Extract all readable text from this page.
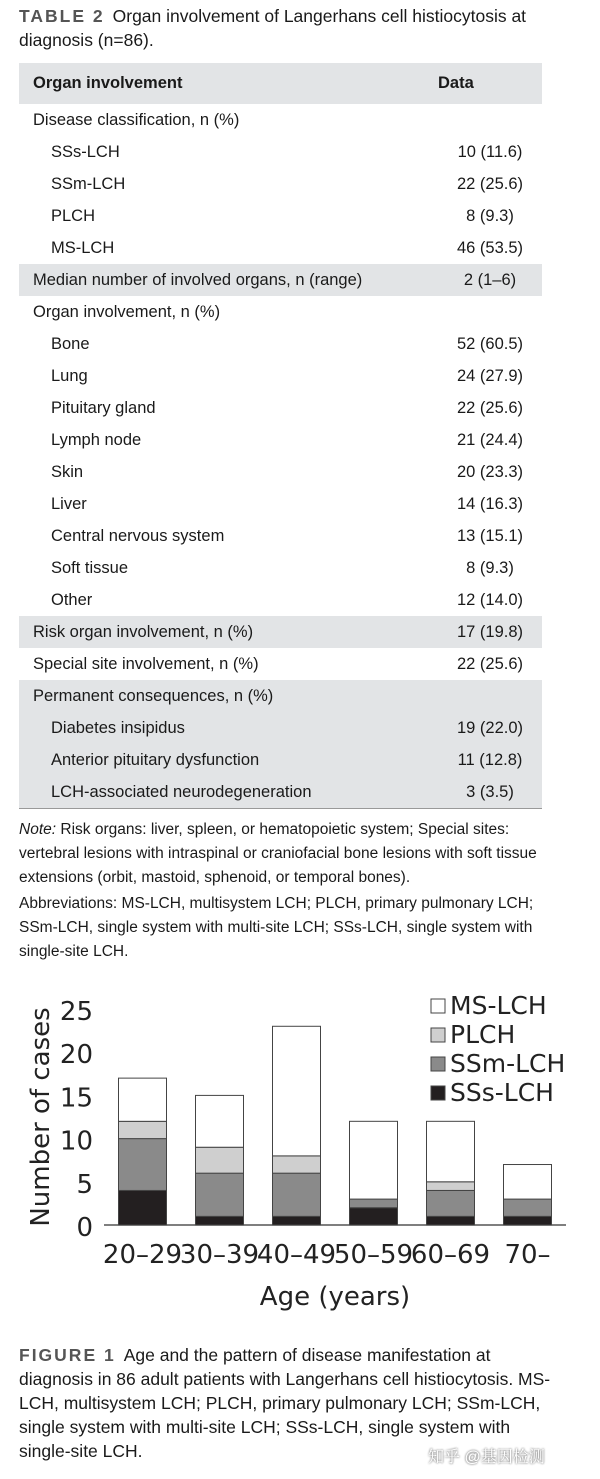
TABLE 2 Organ involvement of Langerhans cell histiocytosis at diagnosis (n=86).
Organ involvement	Data
Disease classification, n (%)	
SSs-LCH	10 (11.6)
SSm-LCH	22 (25.6)
PLCH	8 (9.3)
MS-LCH	46 (53.5)
Median number of involved organs, n (range)	2 (1–6)
Organ involvement, n (%)	
Bone	52 (60.5)
Lung	24 (27.9)
Pituitary gland	22 (25.6)
Lymph node	21 (24.4)
Skin	20 (23.3)
Liver	14 (16.3)
Central nervous system	13 (15.1)
Soft tissue	8 (9.3)
Other	12 (14.0)
Risk organ involvement, n (%)	17 (19.8)
Special site involvement, n (%)	22 (25.6)
Permanent consequences, n (%)	
Diabetes insipidus	19 (22.0)
Anterior pituitary dysfunction	11 (12.8)
LCH-associated neurodegeneration	3 (3.5)
Note: Risk organs: liver, spleen, or hematopoietic system; Special sites: vertebral lesions with intraspinal or craniofacial bone lesions with soft tissue extensions (orbit, mastoid, sphenoid, or temporal bones).
Abbreviations: MS-LCH, multisystem LCH; PLCH, primary pulmonary LCH; SSm-LCH, single system with multi-site LCH; SSs-LCH, single system with single-site LCH.
0
5
10
15
20
25
Number of cases
20–29
30–39
40–49
50–59
60–69 70–
Age (years)
MS-LCH
PLCH
SSm-LCH
SSs-LCH
FIGURE 1 Age and the pattern of disease manifestation at diagnosis in 86 adult patients with Langerhans cell histiocytosis. MS-LCH, multisystem LCH; PLCH, primary pulmonary LCH; SSm-LCH, single system with multi-site LCH; SSs-LCH, single system with single-site LCH.	知乎 @基因检测
